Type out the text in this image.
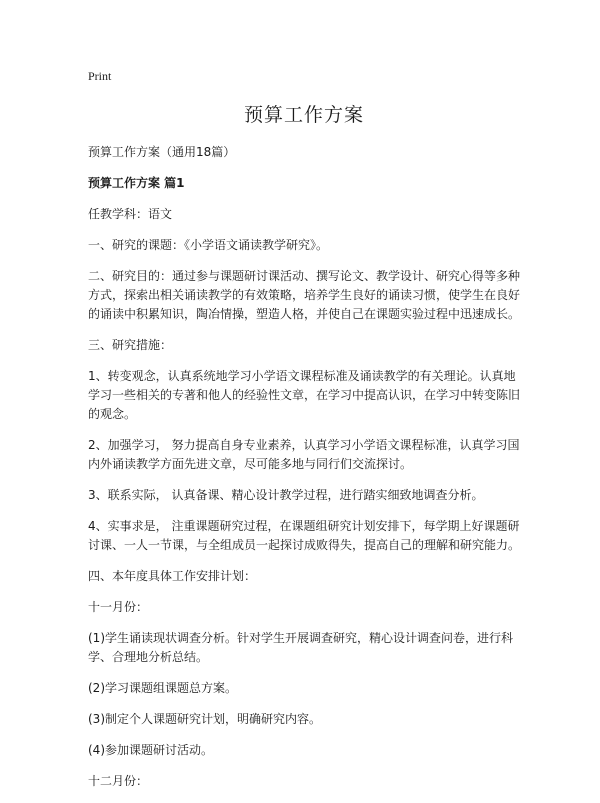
Print
预算工作方案

预算工作方案（通用18篇）

预算工作方案 篇1

任教学科：语文

一、研究的课题：《小学语文诵读教学研究》。

二、研究目的：通过参与课题研讨课活动、撰写论文、教学设计、研究心得等多种方式，探索出相关诵读教学的有效策略，培养学生良好的诵读习惯，使学生在良好的诵读中积累知识，陶冶情操，塑造人格，并使自己在课题实验过程中迅速成长。

三、研究措施：

1、转变观念，认真系统地学习小学语文课程标准及诵读教学的有关理论。认真地学习一些相关的专著和他人的经验性文章，在学习中提高认识，在学习中转变陈旧的观念。

2、加强学习， 努力提高自身专业素养，认真学习小学语文课程标准，认真学习国内外诵读教学方面先进文章，尽可能多地与同行们交流探讨。

3、联系实际， 认真备课、精心设计教学过程，进行踏实细致地调查分析。

4、实事求是， 注重课题研究过程，在课题组研究计划安排下，每学期上好课题研讨课、一人一节课，与全组成员一起探讨成败得失，提高自己的理解和研究能力。

四、本年度具体工作安排计划：

十一月份：

(1)学生诵读现状调查分析。针对学生开展调查研究，精心设计调查问卷，进行科学、合理地分析总结。

(2)学习课题组课题总方案。

(3)制定个人课题研究计划，明确研究内容。

(4)参加课题研讨活动。

十二月份：
